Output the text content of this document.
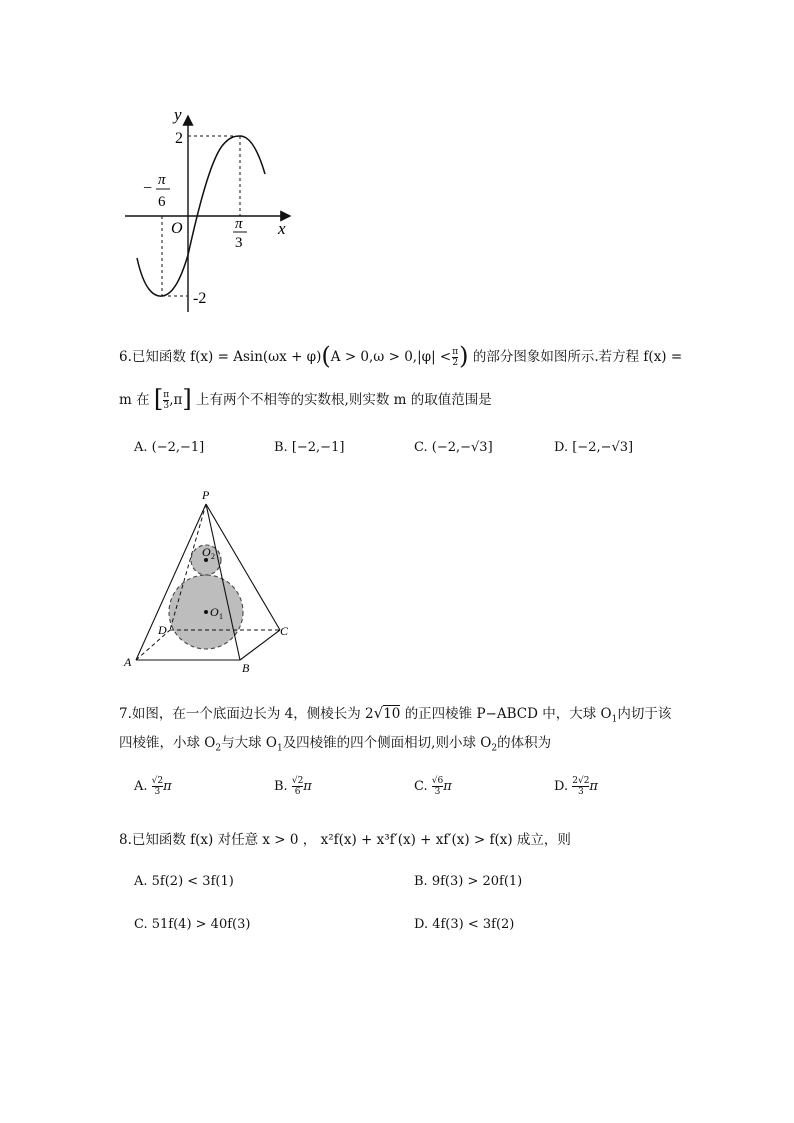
y
x
O
2
-2
− π
6
π
3
6.已知函数 $f(x) = Asin(\omega x + \varphi)(A > 0,\omega > 0,|\varphi| < \frac{\pi}{2}$ ) 的部分图象如图所示.若方程 f(x) =
m 在 [ $\frac{\pi}{3} ,\pi$] 上有两个不相等的实数根,则实数 m 的取值范围是
A. (−2,−1]	B. [−2,−1]	C. (−2,−√3]	D. [−2,−√3]
P
A	B
C
D
O 1
O 2
7.如图，在一个底面边长为 4，侧棱长为 2√10 的正四棱锥 P−ABCD 中，大球 $O_1$内切于该
四棱锥，小球 $O_2$与大球 $O_1$及四棱锥的四个侧面相切,则小球 $O_2$的体积为
A. $\frac{√2}{3}$ π	B. $\frac{√2}{6}$ π	C. $\frac{√6}{3}$ π	D. $\frac{2√2}{3}$ π
8.已知函数 f(x) 对任意 x > 0 ， x²f(x) + x³f′(x) + xf′(x) > f(x) 成立，则
A. 5f(2) < 3f(1)	B. 9f(3) > 20f(1)
C. 51f(4) > 40f(3)	D. 4f(3) < 3f(2)
